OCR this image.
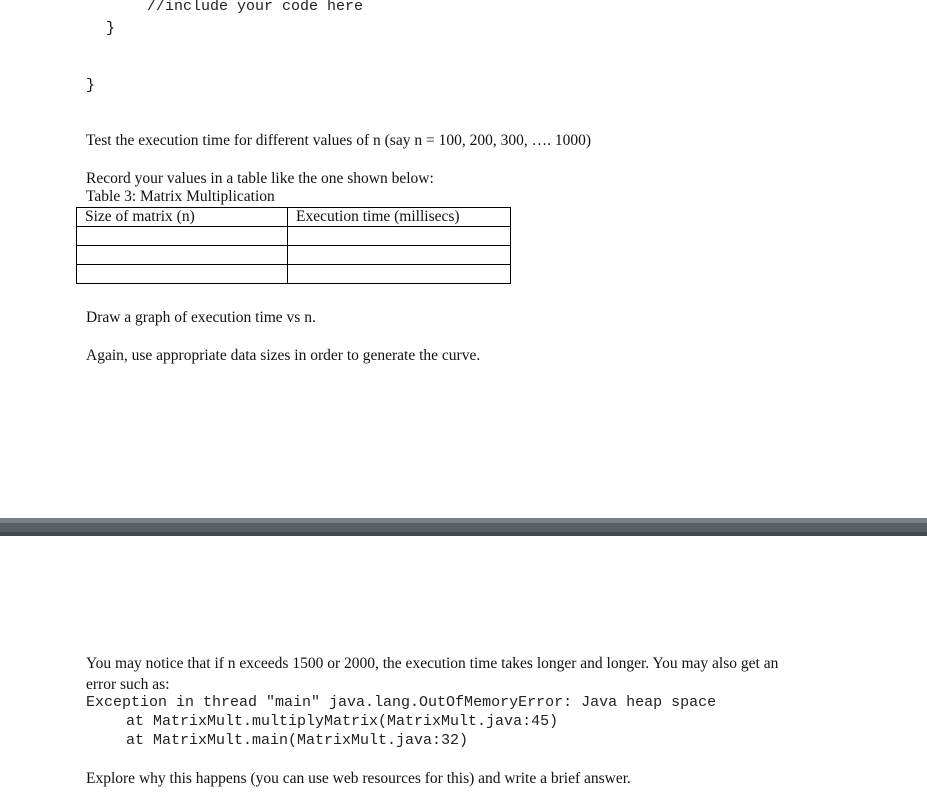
//include your code here
}
}
Test the execution time for different values of n (say n = 100, 200, 300, …. 1000)
Record your values in a table like the one shown below:
Table 3: Matrix Multiplication
Size of matrix (n)	Execution time (millisecs)

Draw a graph of execution time vs n.
Again, use appropriate data sizes in order to generate the curve.
You may notice that if n exceeds 1500 or 2000, the execution time takes longer and longer. You may also get an
error such as:
Exception in thread "main" java.lang.OutOfMemoryError: Java heap space
at MatrixMult.multiplyMatrix(MatrixMult.java:45)
at MatrixMult.main(MatrixMult.java:32)
Explore why this happens (you can use web resources for this) and write a brief answer.
